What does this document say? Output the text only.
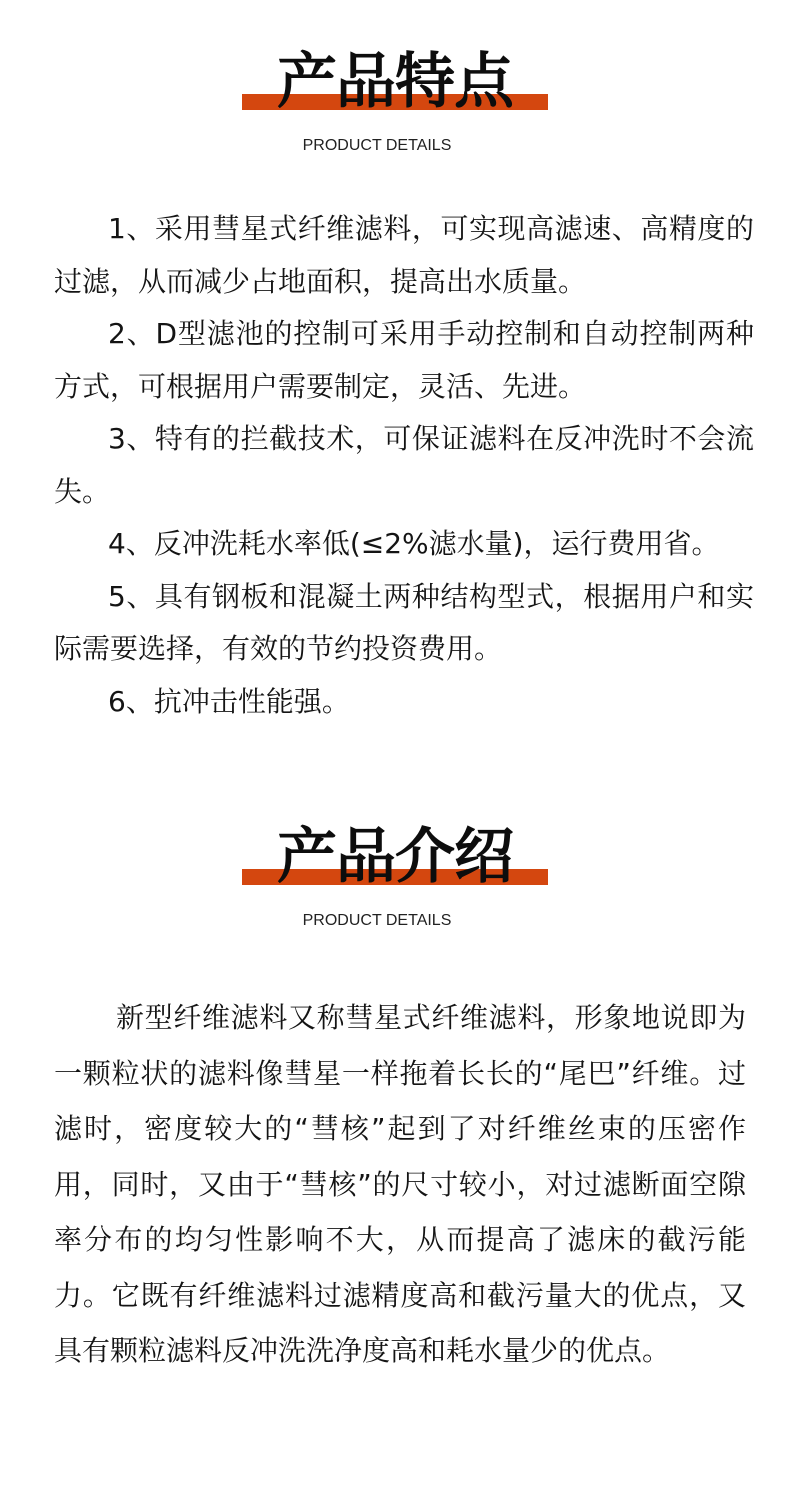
产品特点
PRODUCT DETAILS

1、采用彗星式纤维滤料，可实现高滤速、高精度的过滤，从而减少占地面积，提高出水质量。

2、D型滤池的控制可采用手动控制和自动控制两种方式，可根据用户需要制定，灵活、先进。

3、特有的拦截技术，可保证滤料在反冲洗时不会流失。

4、反冲洗耗水率低(≤2%滤水量)，运行费用省。

5、具有钢板和混凝土两种结构型式，根据用户和实际需要选择，有效的节约投资费用。

6、抗冲击性能强。

产品介绍
PRODUCT DETAILS

新型纤维滤料又称彗星式纤维滤料，形象地说即为一颗粒状的滤料像彗星一样拖着长长的“尾巴”纤维。过滤时，密度较大的“彗核”起到了对纤维丝束的压密作用，同时，又由于“彗核”的尺寸较小，对过滤断面空隙率分布的均匀性影响不大，从而提高了滤床的截污能力。它既有纤维滤料过滤精度高和截污量大的优点，又具有颗粒滤料反冲洗洗净度高和耗水量少的优点。
